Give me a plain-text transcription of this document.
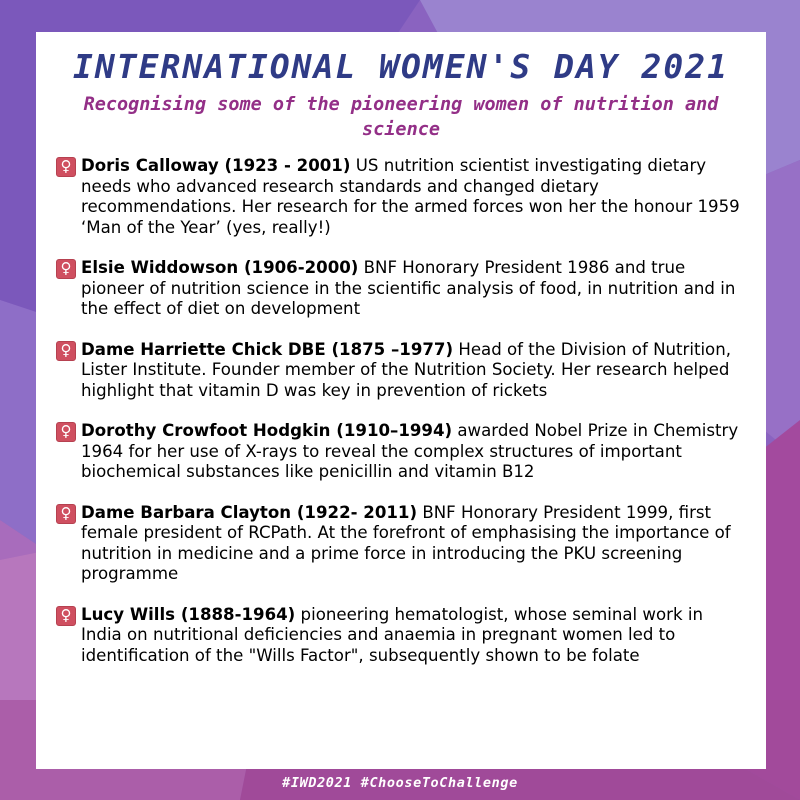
INTERNATIONAL WOMEN'S DAY 2021
Recognising some of the pioneering women of nutrition and science
♀ Doris Calloway (1923 - 2001) US nutrition scientist investigating dietary needs who advanced research standards and changed dietary recommendations. Her research for the armed forces won her the honour 1959 ‘Man of the Year’ (yes, really!)
♀ Elsie Widdowson (1906-2000) BNF Honorary President 1986 and true pioneer of nutrition science in the scientific analysis of food, in nutrition and in the effect of diet on development
♀ Dame Harriette Chick DBE (1875 –1977) Head of the Division of Nutrition, Lister Institute. Founder member of the Nutrition Society. Her research helped highlight that vitamin D was key in prevention of rickets
♀ Dorothy Crowfoot Hodgkin (1910–1994) awarded Nobel Prize in Chemistry 1964 for her use of X-rays to reveal the complex structures of important biochemical substances like penicillin and vitamin B12
♀ Dame Barbara Clayton (1922- 2011) BNF Honorary President 1999, first female president of RCPath. At the forefront of emphasising the importance of nutrition in medicine and a prime force in introducing the PKU screening programme
♀ Lucy Wills (1888-1964) pioneering hematologist, whose seminal work in India on nutritional deficiencies and anaemia in pregnant women led to identification of the "Wills Factor", subsequently shown to be folate
#IWD2021 #ChooseToChallenge
